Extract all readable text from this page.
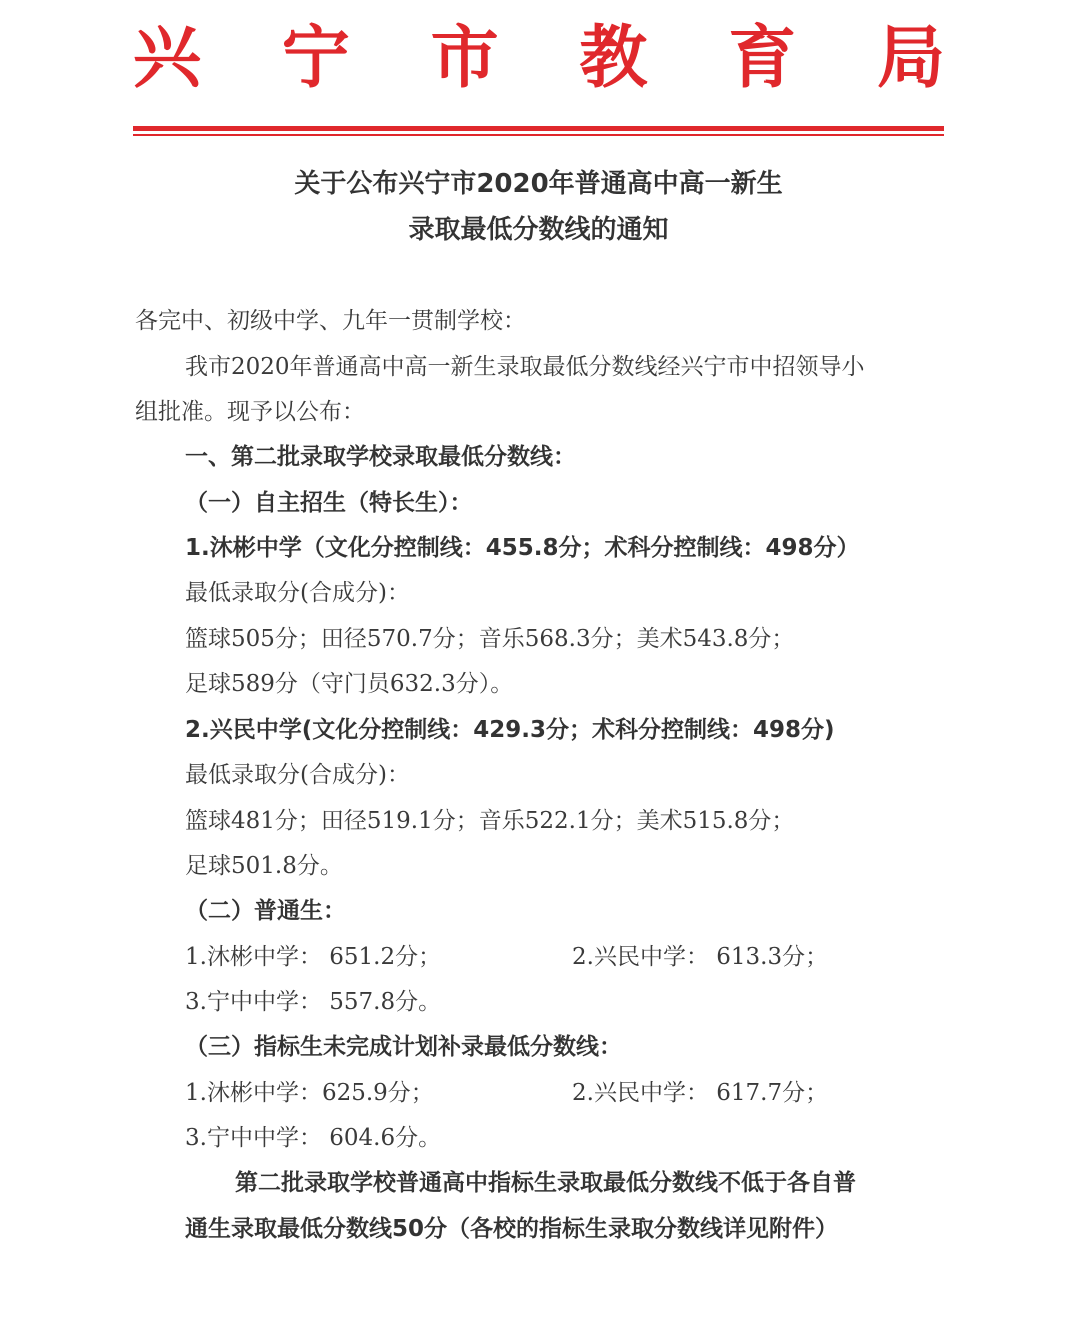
兴 宁 市 教 育 局
关于公布兴宁市2020年普通高中高一新生
录取最低分数线的通知
各完中、初级中学、九年一贯制学校：
我市2020年普通高中高一新生录取最低分数线经兴宁市中招领导小
组批准。现予以公布：
一、第二批录取学校录取最低分数线：
（一）自主招生（特长生）：
1.沐彬中学（文化分控制线：455.8分；术科分控制线：498分）
最低录取分(合成分)：
篮球505分；田径570.7分；音乐568.3分；美术543.8分；
足球589分（守门员632.3分）。
2.兴民中学(文化分控制线：429.3分；术科分控制线：498分)
最低录取分(合成分)：
篮球481分；田径519.1分；音乐522.1分；美术515.8分；
足球501.8分。
（二）普通生：
1.沐彬中学： 651.2分；	2.兴民中学： 613.3分；
3.宁中中学： 557.8分。
（三）指标生未完成计划补录最低分数线：
1.沐彬中学：625.9分；	2.兴民中学： 617.7分；
3.宁中中学： 604.6分。
第二批录取学校普通高中指标生录取最低分数线不低于各自普
通生录取最低分数线50分（各校的指标生录取分数线详见附件）
